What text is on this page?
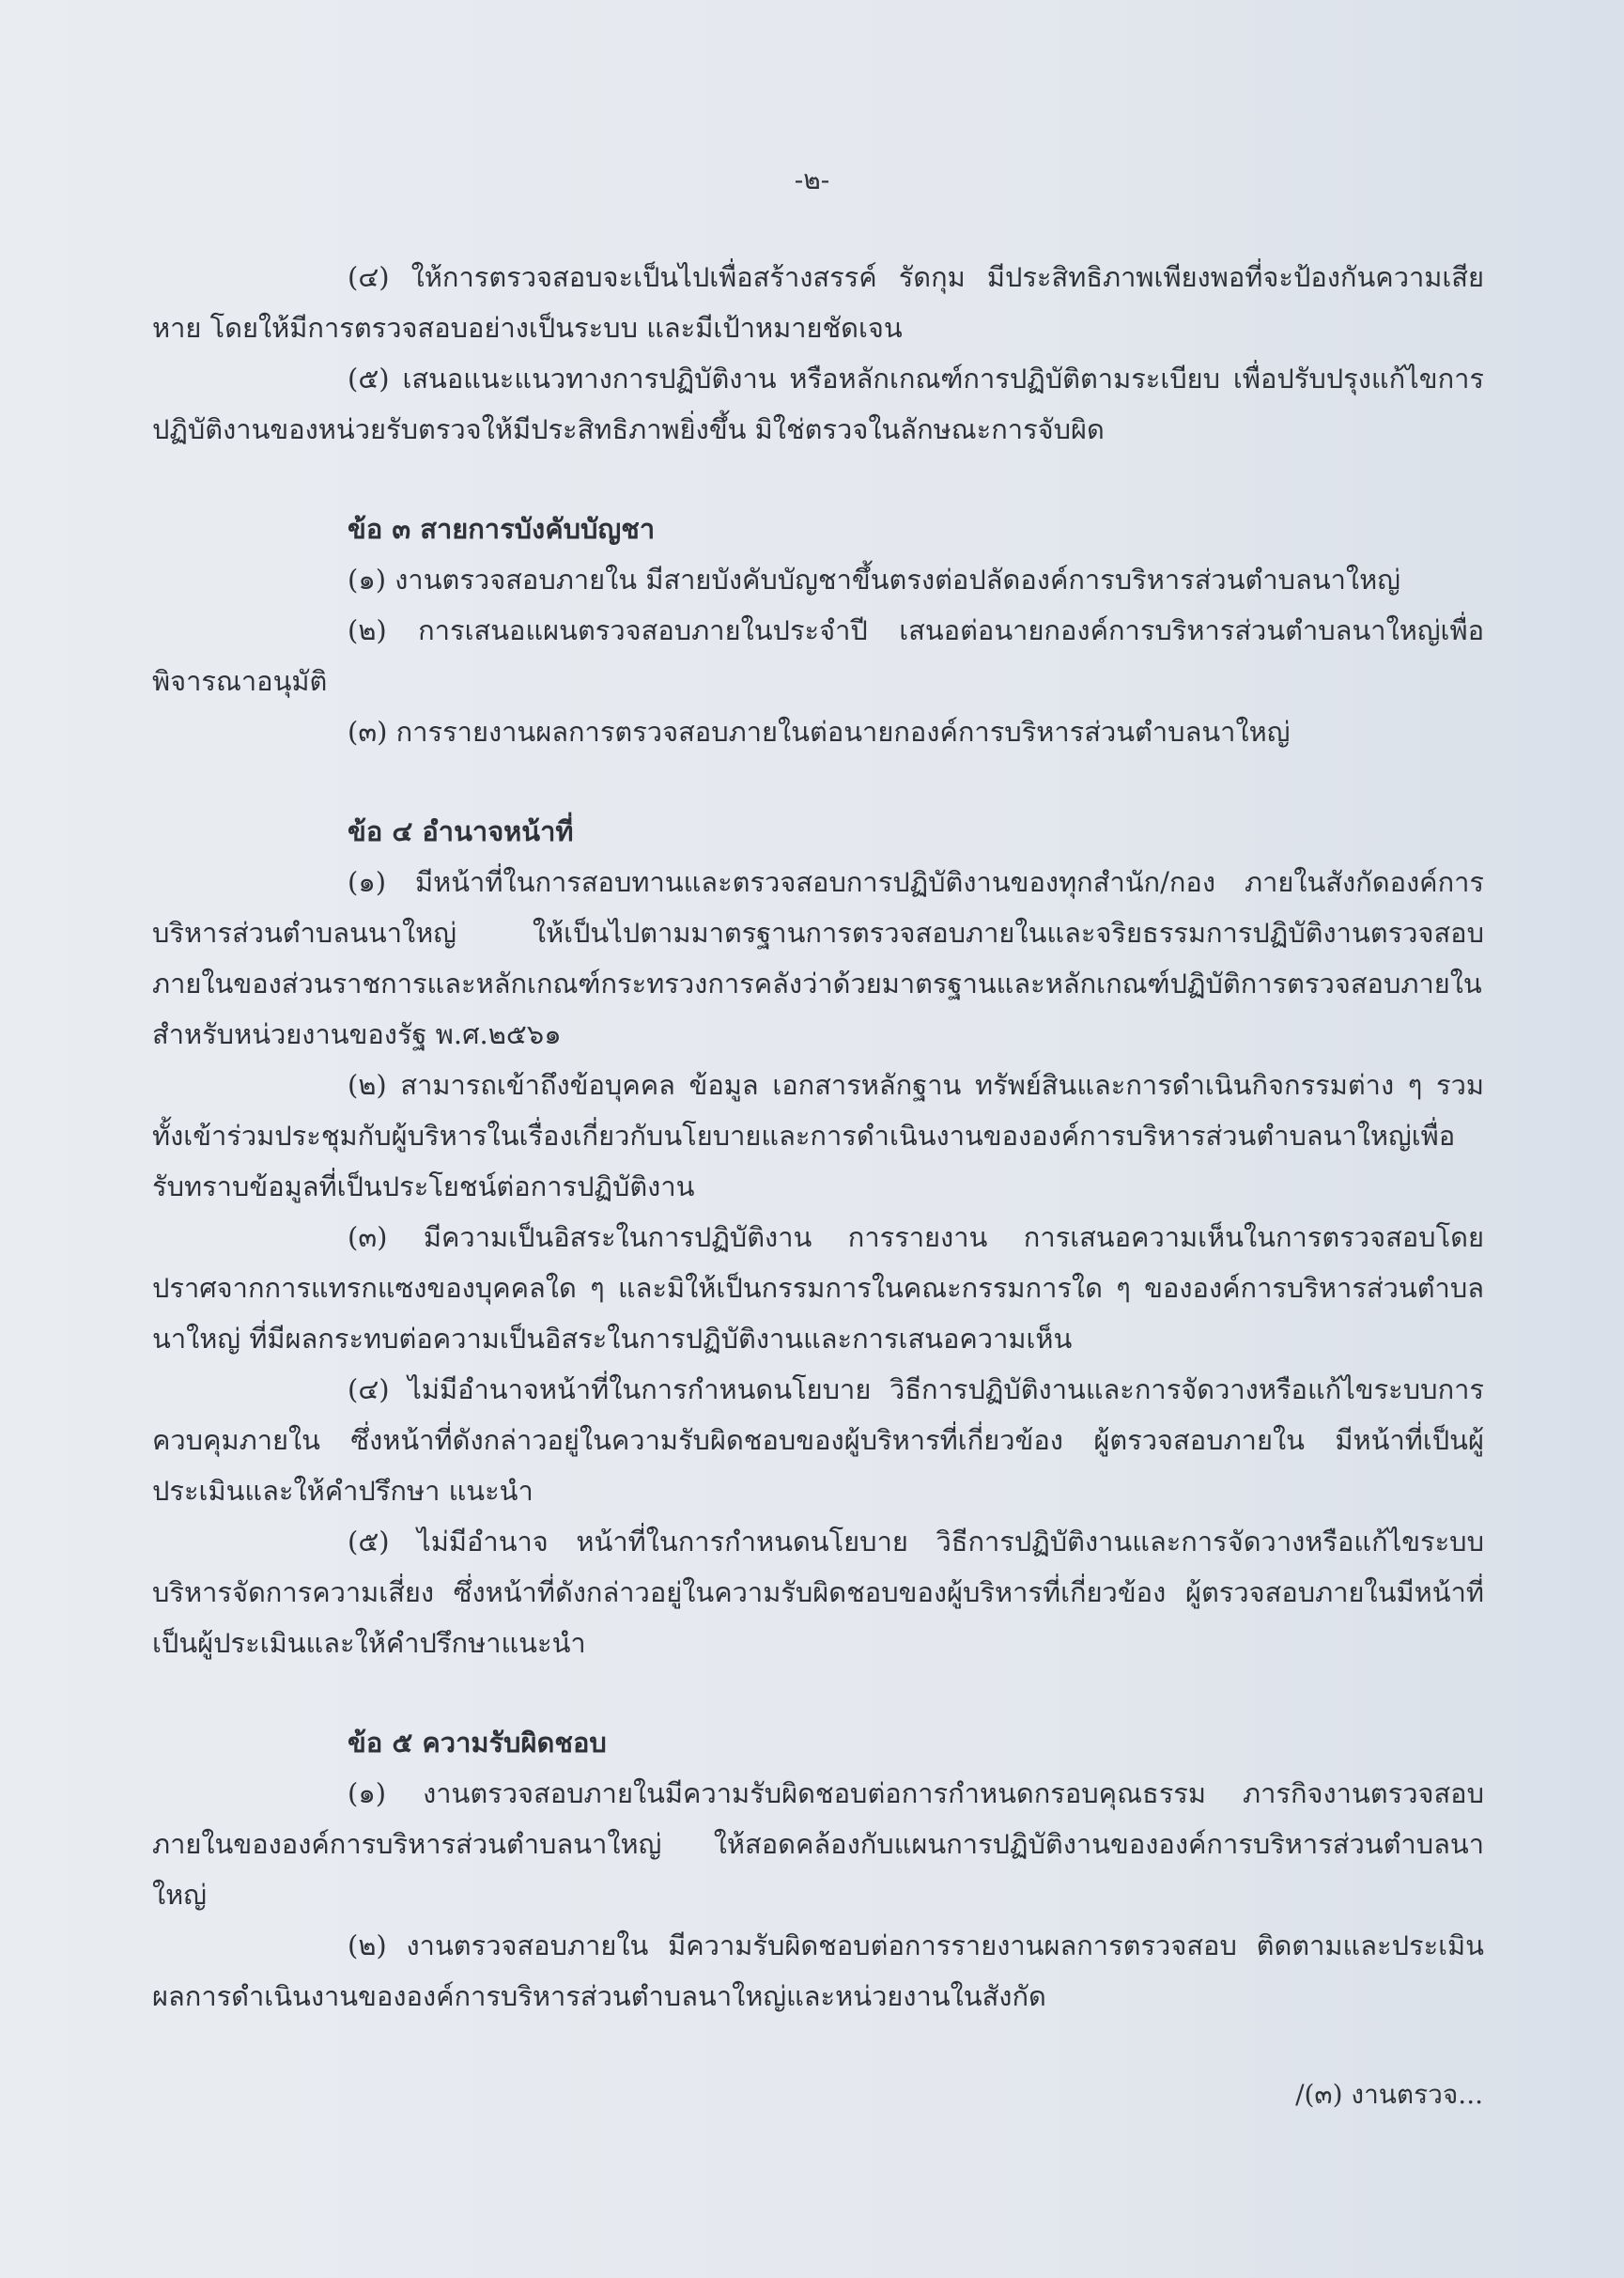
-๒-

(๔) ให้การตรวจสอบจะเป็นไปเพื่อสร้างสรรค์ รัดกุม มีประสิทธิภาพเพียงพอที่จะป้องกันความเสียหาย โดยให้มีการตรวจสอบอย่างเป็นระบบ และมีเป้าหมายชัดเจน

(๕) เสนอแนะแนวทางการปฏิบัติงาน หรือหลักเกณฑ์การปฏิบัติตามระเบียบ เพื่อปรับปรุงแก้ไขการปฏิบัติงานของหน่วยรับตรวจให้มีประสิทธิภาพยิ่งขึ้น มิใช่ตรวจในลักษณะการจับผิด

ข้อ ๓ สายการบังคับบัญชา

(๑) งานตรวจสอบภายใน มีสายบังคับบัญชาขึ้นตรงต่อปลัดองค์การบริหารส่วนตำบลนาใหญ่

(๒) การเสนอแผนตรวจสอบภายในประจำปี เสนอต่อนายกองค์การบริหารส่วนตำบลนาใหญ่เพื่อพิจารณาอนุมัติ

(๓) การรายงานผลการตรวจสอบภายในต่อนายกองค์การบริหารส่วนตำบลนาใหญ่

ข้อ ๔ อำนาจหน้าที่

(๑) มีหน้าที่ในการสอบทานและตรวจสอบการปฏิบัติงานของทุกสำนัก/กอง ภายในสังกัดองค์การบริหารส่วนตำบลนนาใหญ่ ให้เป็นไปตามมาตรฐานการตรวจสอบภายในและจริยธรรมการปฏิบัติงานตรวจสอบภายในของส่วนราชการและหลักเกณฑ์กระทรวงการคลังว่าด้วยมาตรฐานและหลักเกณฑ์ปฏิบัติการตรวจสอบภายในสำหรับหน่วยงานของรัฐ พ.ศ.๒๕๖๑

(๒) สามารถเข้าถึงข้อบุคคล ข้อมูล เอกสารหลักฐาน ทรัพย์สินและการดำเนินกิจกรรมต่าง ๆ รวมทั้งเข้าร่วมประชุมกับผู้บริหารในเรื่องเกี่ยวกับนโยบายและการดำเนินงานขององค์การบริหารส่วนตำบลนาใหญ่เพื่อรับทราบข้อมูลที่เป็นประโยชน์ต่อการปฏิบัติงาน

(๓) มีความเป็นอิสระในการปฏิบัติงาน การรายงาน การเสนอความเห็นในการตรวจสอบโดยปราศจากการแทรกแซงของบุคคลใด ๆ และมิให้เป็นกรรมการในคณะกรรมการใด ๆ ขององค์การบริหารส่วนตำบลนาใหญ่ ที่มีผลกระทบต่อความเป็นอิสระในการปฏิบัติงานและการเสนอความเห็น

(๔) ไม่มีอำนาจหน้าที่ในการกำหนดนโยบาย วิธีการปฏิบัติงานและการจัดวางหรือแก้ไขระบบการควบคุมภายใน ซึ่งหน้าที่ดังกล่าวอยู่ในความรับผิดชอบของผู้บริหารที่เกี่ยวข้อง ผู้ตรวจสอบภายใน มีหน้าที่เป็นผู้ประเมินและให้คำปรึกษา แนะนำ

(๕) ไม่มีอำนาจ หน้าที่ในการกำหนดนโยบาย วิธีการปฏิบัติงานและการจัดวางหรือแก้ไขระบบบริหารจัดการความเสี่ยง ซึ่งหน้าที่ดังกล่าวอยู่ในความรับผิดชอบของผู้บริหารที่เกี่ยวข้อง ผู้ตรวจสอบภายในมีหน้าที่เป็นผู้ประเมินและให้คำปรึกษาแนะนำ

ข้อ ๕ ความรับผิดชอบ

(๑) งานตรวจสอบภายในมีความรับผิดชอบต่อการกำหนดกรอบคุณธรรม ภารกิจงานตรวจสอบภายในขององค์การบริหารส่วนตำบลนาใหญ่ ให้สอดคล้องกับแผนการปฏิบัติงานขององค์การบริหารส่วนตำบลนาใหญ่

(๒) งานตรวจสอบภายใน มีความรับผิดชอบต่อการรายงานผลการตรวจสอบ ติดตามและประเมินผลการดำเนินงานขององค์การบริหารส่วนตำบลนาใหญ่และหน่วยงานในสังกัด

/(๓) งานตรวจ...
